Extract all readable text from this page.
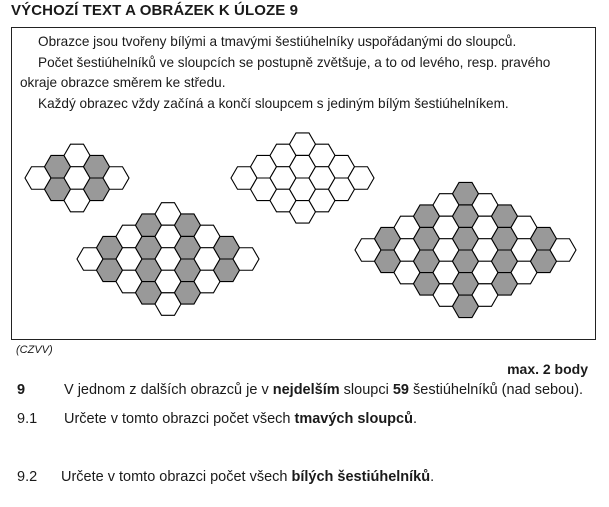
VÝCHOZÍ TEXT A OBRÁZEK K ÚLOZE 9
Obrazce jsou tvořeny bílými a tmavými šestiúhelníky uspořádanými do sloupců.
Počet šestiúhelníků ve sloupcích se postupně zvětšuje, a to od levého, resp. pravého okraje obrazce směrem ke středu.
Každý obrazec vždy začíná a končí sloupcem s jediným bílým šestiúhelníkem.
(CZVV)
max. 2 body
9	V jednom z dalších obrazců je v nejdelším sloupci 59 šestiúhelníků (nad sebou).
9.1 Určete v tomto obrazci počet všech tmavých sloupců.
9.2 Určete v tomto obrazci počet všech bílých šestiúhelníků.
